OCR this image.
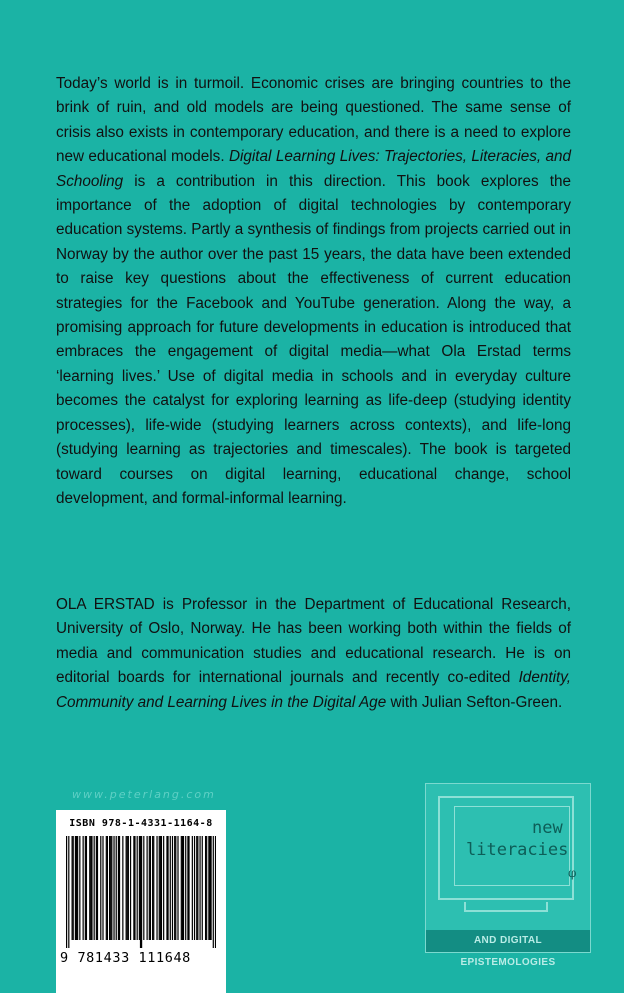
Today’s world is in turmoil. Economic crises are bringing countries to the brink of ruin, and old models are being questioned. The same sense of crisis also exists in contemporary education, and there is a need to explore new educational models. Digital Learning Lives: Trajectories, Literacies, and Schooling is a contribution in this direction. This book explores the importance of the adoption of digital technologies by contemporary education systems. Partly a synthesis of findings from projects carried out in Norway by the author over the past 15 years, the data have been extended to raise key questions about the effectiveness of current education strategies for the Facebook and YouTube generation. Along the way, a promising approach for future developments in education is introduced that embraces the engagement of digital media—what Ola Erstad terms ‘learning lives.’ Use of digital media in schools and in everyday culture becomes the catalyst for exploring learning as life-deep (studying identity processes), life-wide (studying learners across contexts), and life-long (studying learning as trajectories and timescales). The book is targeted toward courses on digital learning, educational change, school development, and formal-informal learning.

OLA ERSTAD is Professor in the Department of Educational Research, University of Oslo, Norway. He has been working both within the fields of media and communication studies and educational research. He is on editorial boards for international journals and recently co-edited Identity, Community and Learning Lives in the Digital Age with Julian Sefton-Green.

www.peterlang.com
ISBN 978-1-4331-1164-8
9 781433 111648
new
literacies
φ
AND DIGITAL EPISTEMOLOGIES
